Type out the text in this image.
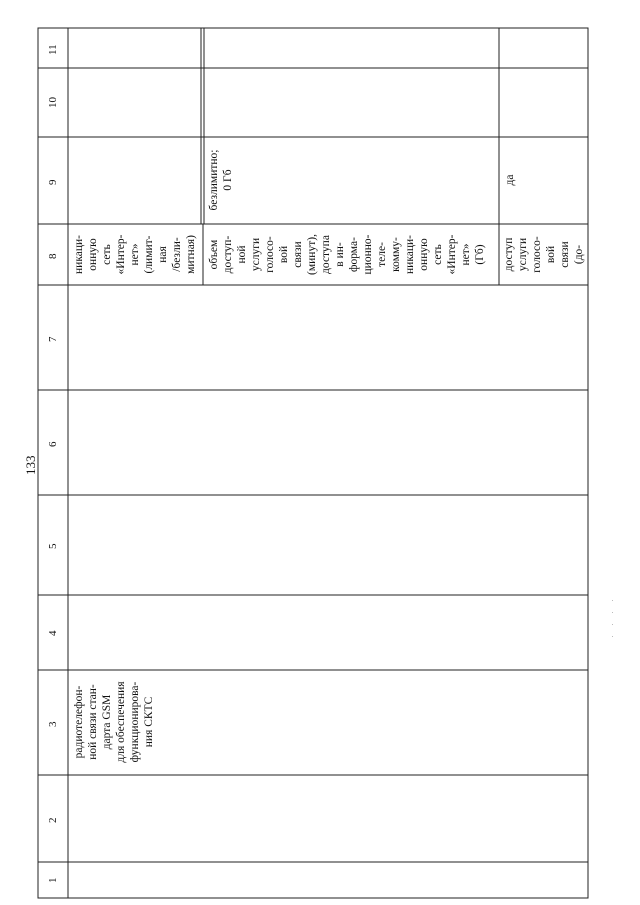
133
11
10
9
8
7
6
5
4
3
2
1
радиотелефон- ной связи стан- дарта GSM для обеспечения функционирова- ния СКТС
никаци- онную сеть «Интер- нет» (лимит- ная /безли- митная) объем доступ- ной услуги голосо- вой связи (минут), доступа в ин- форма- ционно- теле- комму- никаци- онную сеть «Интер- нет» (Гб) доступ услуги голосо- вой связи (до-
безлимитно; 0 Гб	да
